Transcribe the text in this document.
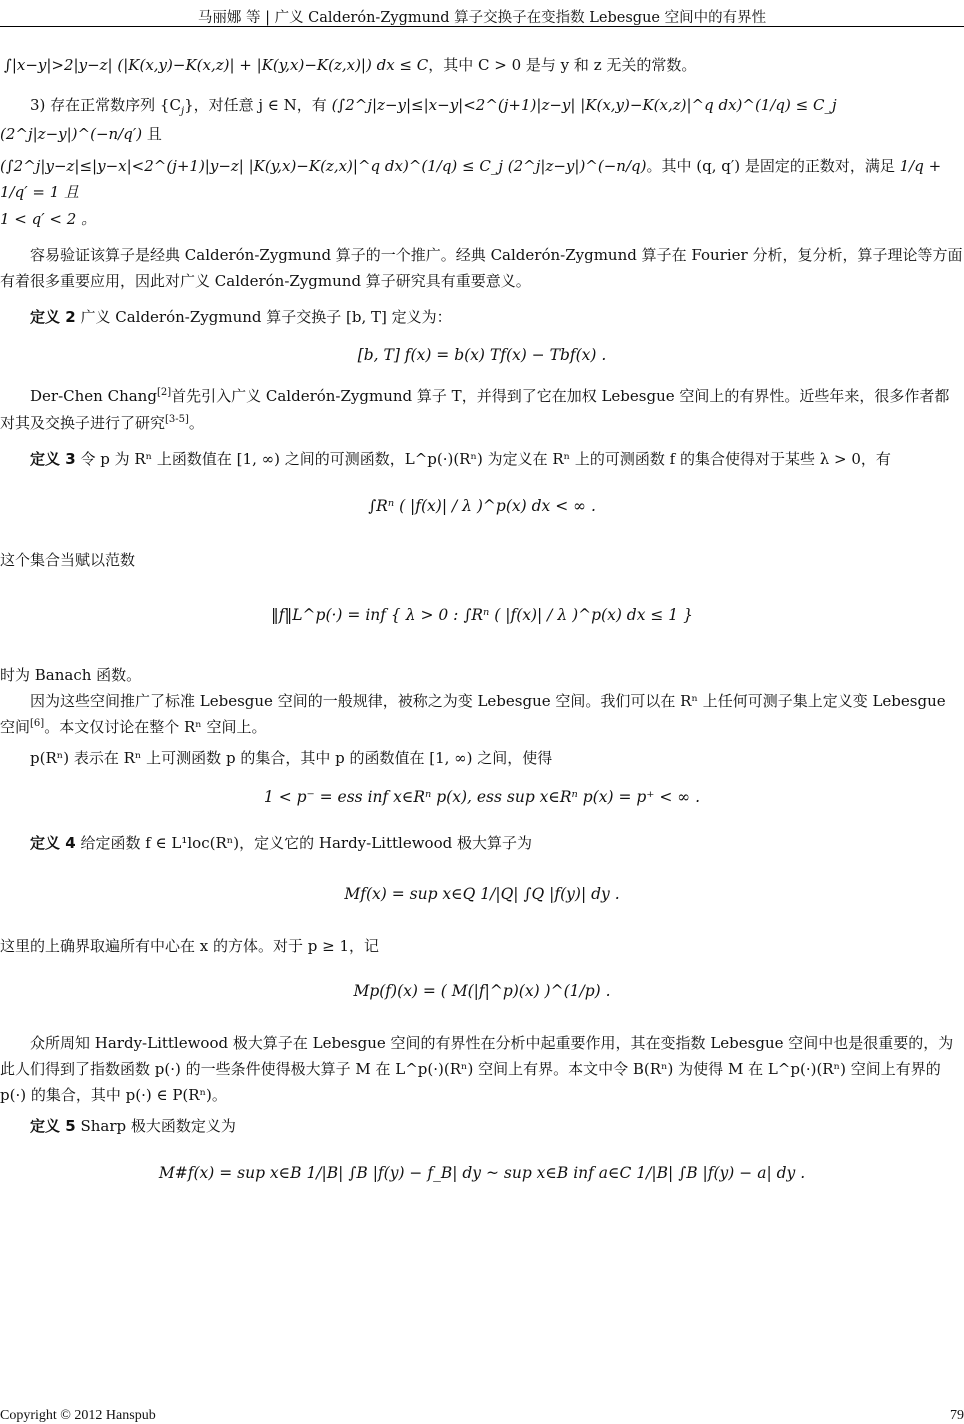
马丽娜 等 | 广义 Calderón-Zygmund 算子交换子在变指数 Lebesgue 空间中的有界性

∫|x−y|>2|y−z| (|K(x,y)−K(x,z)| + |K(y,x)−K(z,x)|) dx ≤ C，其中 C > 0 是与 y 和 z 无关的常数。

3) 存在正常数序列 $\{C_j\}$，对任意 j ∈ N，有 (∫2^j|z−y|≤|x−y|<2^(j+1)|z−y| |K(x,y)−K(x,z)|^q dx)^(1/q) ≤ C_j (2^j|z−y|)^(−n/q′) 且

(∫2^j|y−z|≤|y−x|<2^(j+1)|y−z| |K(y,x)−K(z,x)|^q dx)^(1/q) ≤ C_j (2^j|z−y|)^(−n/q)。其中 (q, q′) 是固定的正数对，满足 1/q + 1/q′ = 1 且

1 < q′ < 2 。

容易验证该算子是经典 Calderón-Zygmund 算子的一个推广。经典 Calderón-Zygmund 算子在 Fourier 分析，复分析，算子理论等方面有着很多重要应用，因此对广义 Calderón-Zygmund 算子研究具有重要意义。

定义 2 广义 Calderón-Zygmund 算子交换子 [b, T] 定义为：

[b, T] f(x) = b(x) Tf(x) − Tbf(x) .

Der-Chen Chang[2]首先引入广义 Calderón-Zygmund 算子 T，并得到了它在加权 Lebesgue 空间上的有界性。近些年来，很多作者都对其及交换子进行了研究[3-5]。

定义 3 令 p 为 Rⁿ 上函数值在 [1, ∞) 之间的可测函数，L^p(·)(Rⁿ) 为定义在 Rⁿ 上的可测函数 f 的集合使得对于某些 λ > 0，有

∫Rⁿ ( |f(x)| / λ )^p(x) dx < ∞ .

这个集合当赋以范数

‖f‖L^p(·) = inf { λ > 0 : ∫Rⁿ ( |f(x)| / λ )^p(x) dx ≤ 1 }

时为 Banach 函数。

因为这些空间推广了标准 Lebesgue 空间的一般规律，被称之为变 Lebesgue 空间。我们可以在 Rⁿ 上任何可测子集上定义变 Lebesgue 空间[6]。本文仅讨论在整个 Rⁿ 空间上。

p(Rⁿ) 表示在 Rⁿ 上可测函数 p 的集合，其中 p 的函数值在 [1, ∞) 之间，使得

1 < p⁻ = ess inf x∈Rⁿ p(x), ess sup x∈Rⁿ p(x) = p⁺ < ∞ .

定义 4 给定函数 f ∈ L¹loc(Rⁿ)，定义它的 Hardy-Littlewood 极大算子为

Mf(x) = sup x∈Q 1/|Q| ∫Q |f(y)| dy .

这里的上确界取遍所有中心在 x 的方体。对于 p ≥ 1，记

Mp(f)(x) = ( M(|f|^p)(x) )^(1/p) .

众所周知 Hardy-Littlewood 极大算子在 Lebesgue 空间的有界性在分析中起重要作用，其在变指数 Lebesgue 空间中也是很重要的，为此人们得到了指数函数 p(·) 的一些条件使得极大算子 M 在 L^p(·)(Rⁿ) 空间上有界。本文中令 B(Rⁿ) 为使得 M 在 L^p(·)(Rⁿ) 空间上有界的 p(·) 的集合，其中 p(·) ∈ P(Rⁿ)。

定义 5 Sharp 极大函数定义为

M#f(x) = sup x∈B 1/|B| ∫B |f(y) − f_B| dy ~ sup x∈B inf a∈C 1/|B| ∫B |f(y) − a| dy .
Copyright © 2012 Hanspub	79
